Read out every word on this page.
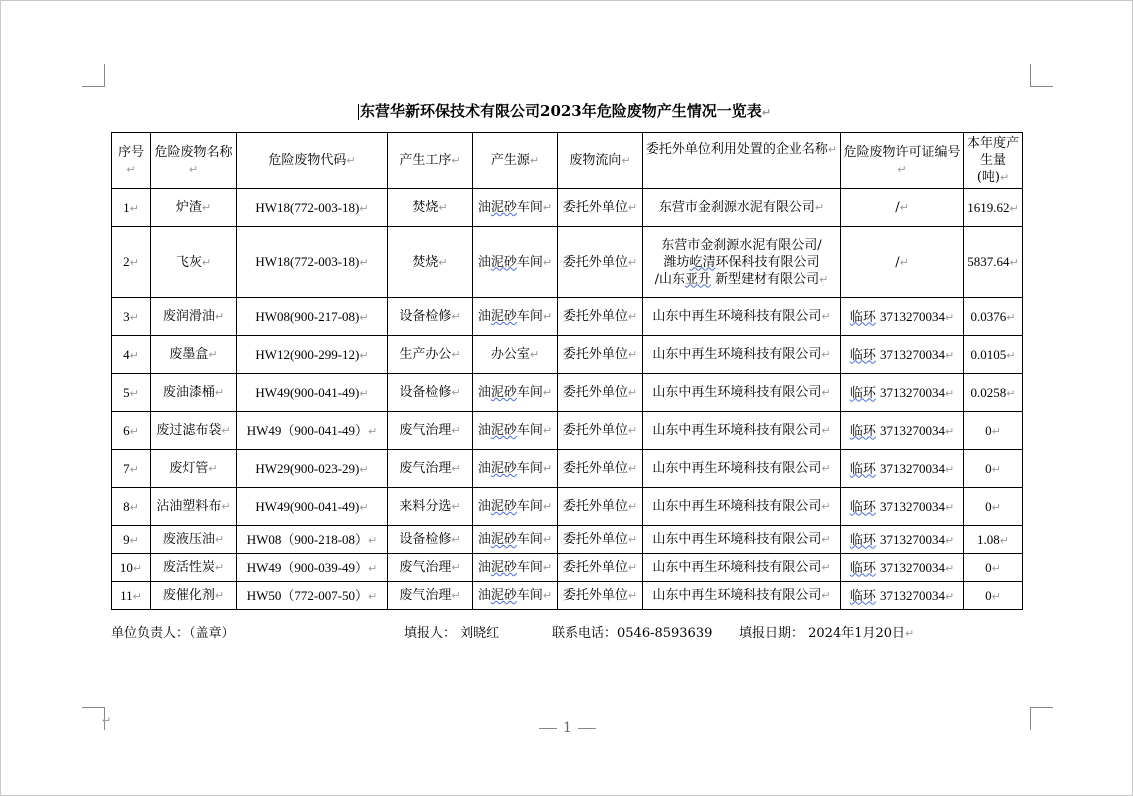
↵
东营华新环保技术有限公司2023年危险废物产生情况一览表↵
序号↵	危险废物名称↵	危险废物代码↵	产生工序↵	产生源↵	废物流向↵	委托外单位利用处置的企业名称↵	危险废物许可证编号↵	本年度产生量(吨)↵
1↵	炉渣↵	HW18(772-003-18)↵	焚烧↵	油泥砂车间↵	委托外单位↵	东营市金刹源水泥有限公司↵	/↵	1619.62↵
2↵	飞灰↵	HW18(772-003-18)↵	焚烧↵	油泥砂车间↵	委托外单位↵	东营市金刹源水泥有限公司/
潍坊屹清环保科技有限公司
/山东亚升 新型建材有限公司↵	/↵	5837.64↵
3↵	废润滑油↵	HW08(900-217-08)↵	设备检修↵	油泥砂车间↵	委托外单位↵	山东中再生环境科技有限公司↵	临环 3713270034↵	0.0376↵
4↵	废墨盒↵	HW12(900-299-12)↵	生产办公↵	办公室↵	委托外单位↵	山东中再生环境科技有限公司↵	临环 3713270034↵	0.0105↵
5↵	废油漆桶↵	HW49(900-041-49)↵	设备检修↵	油泥砂车间↵	委托外单位↵	山东中再生环境科技有限公司↵	临环 3713270034↵	0.0258↵
6↵	废过滤布袋↵	HW49（900-041-49）↵	废气治理↵	油泥砂车间↵	委托外单位↵	山东中再生环境科技有限公司↵	临环 3713270034↵	0↵
7↵	废灯管↵	HW29(900-023-29)↵	废气治理↵	油泥砂车间↵	委托外单位↵	山东中再生环境科技有限公司↵	临环 3713270034↵	0↵
8↵	沾油塑料布↵	HW49(900-041-49)↵	来料分选↵	油泥砂车间↵	委托外单位↵	山东中再生环境科技有限公司↵	临环 3713270034↵	0↵
9↵	废液压油↵	HW08（900-218-08）↵	设备检修↵	油泥砂车间↵	委托外单位↵	山东中再生环境科技有限公司↵	临环 3713270034↵	1.08↵
10↵	废活性炭↵	HW49（900-039-49）↵	废气治理↵	油泥砂车间↵	委托外单位↵	山东中再生环境科技有限公司↵	临环 3713270034↵	0↵
11↵	废催化剂↵	HW50（772-007-50）↵	废气治理↵	油泥砂车间↵	委托外单位↵	山东中再生环境科技有限公司↵	临环 3713270034↵	0↵
单位负责人：（盖章）	填报人： 刘晓红	联系电话：0546-8593639 填报日期： 2024年1月20日↵
1
